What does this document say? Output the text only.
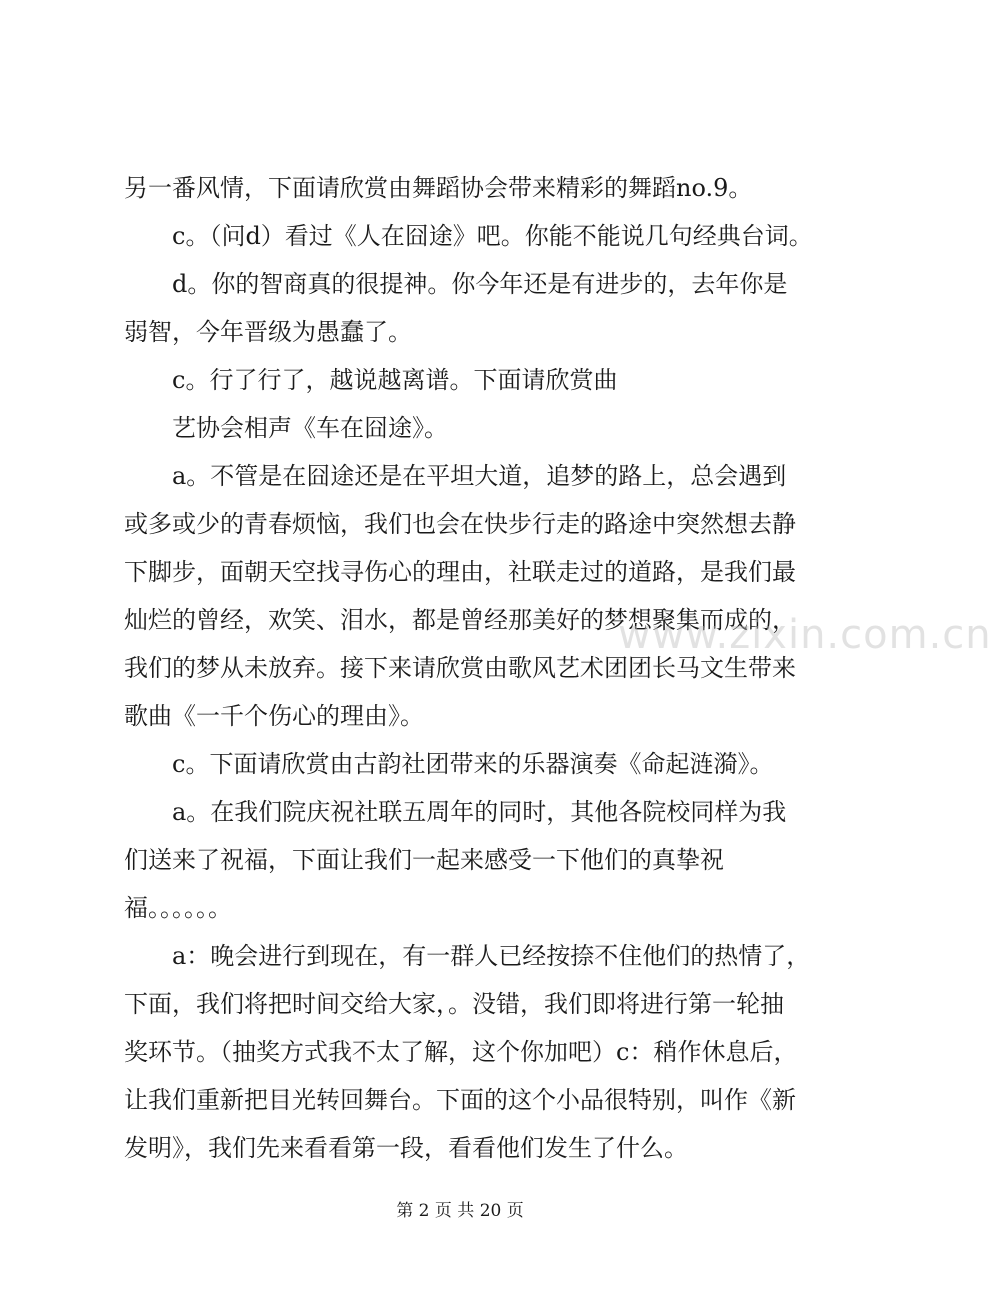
另一番风情，下面请欣赏由舞蹈协会带来精彩的舞蹈no.9。
c。（问d）看过《人在囧途》吧。你能不能说几句经典台词。
d。你的智商真的很提神。你今年还是有进步的，去年你是
弱智，今年晋级为愚蠢了。
c。行了行了，越说越离谱。下面请欣赏曲
艺协会相声《车在囧途》。
a。不管是在囧途还是在平坦大道，追梦的路上，总会遇到
或多或少的青春烦恼，我们也会在快步行走的路途中突然想去静
下脚步，面朝天空找寻伤心的理由，社联走过的道路，是我们最
灿烂的曾经，欢笑、泪水，都是曾经那美好的梦想聚集而成的，
我们的梦从未放弃。接下来请欣赏由歌风艺术团团长马文生带来
歌曲《一千个伤心的理由》。
c。下面请欣赏由古韵社团带来的乐器演奏《命起涟漪》。
a。在我们院庆祝社联五周年的同时，其他各院校同样为我
们送来了祝福，下面让我们一起来感受一下他们的真挚祝
福。。。。。。
a：晚会进行到现在，有一群人已经按捺不住他们的热情了，
下面，我们将把时间交给大家，。没错，我们即将进行第一轮抽
奖环节。（抽奖方式我不太了解，这个你加吧）c：稍作休息后，
让我们重新把目光转回舞台。下面的这个小品很特别，叫作《新
发明》，我们先来看看第一段，看看他们发生了什么。
www.zixin.com.cn
第 2 页 共 20 页
